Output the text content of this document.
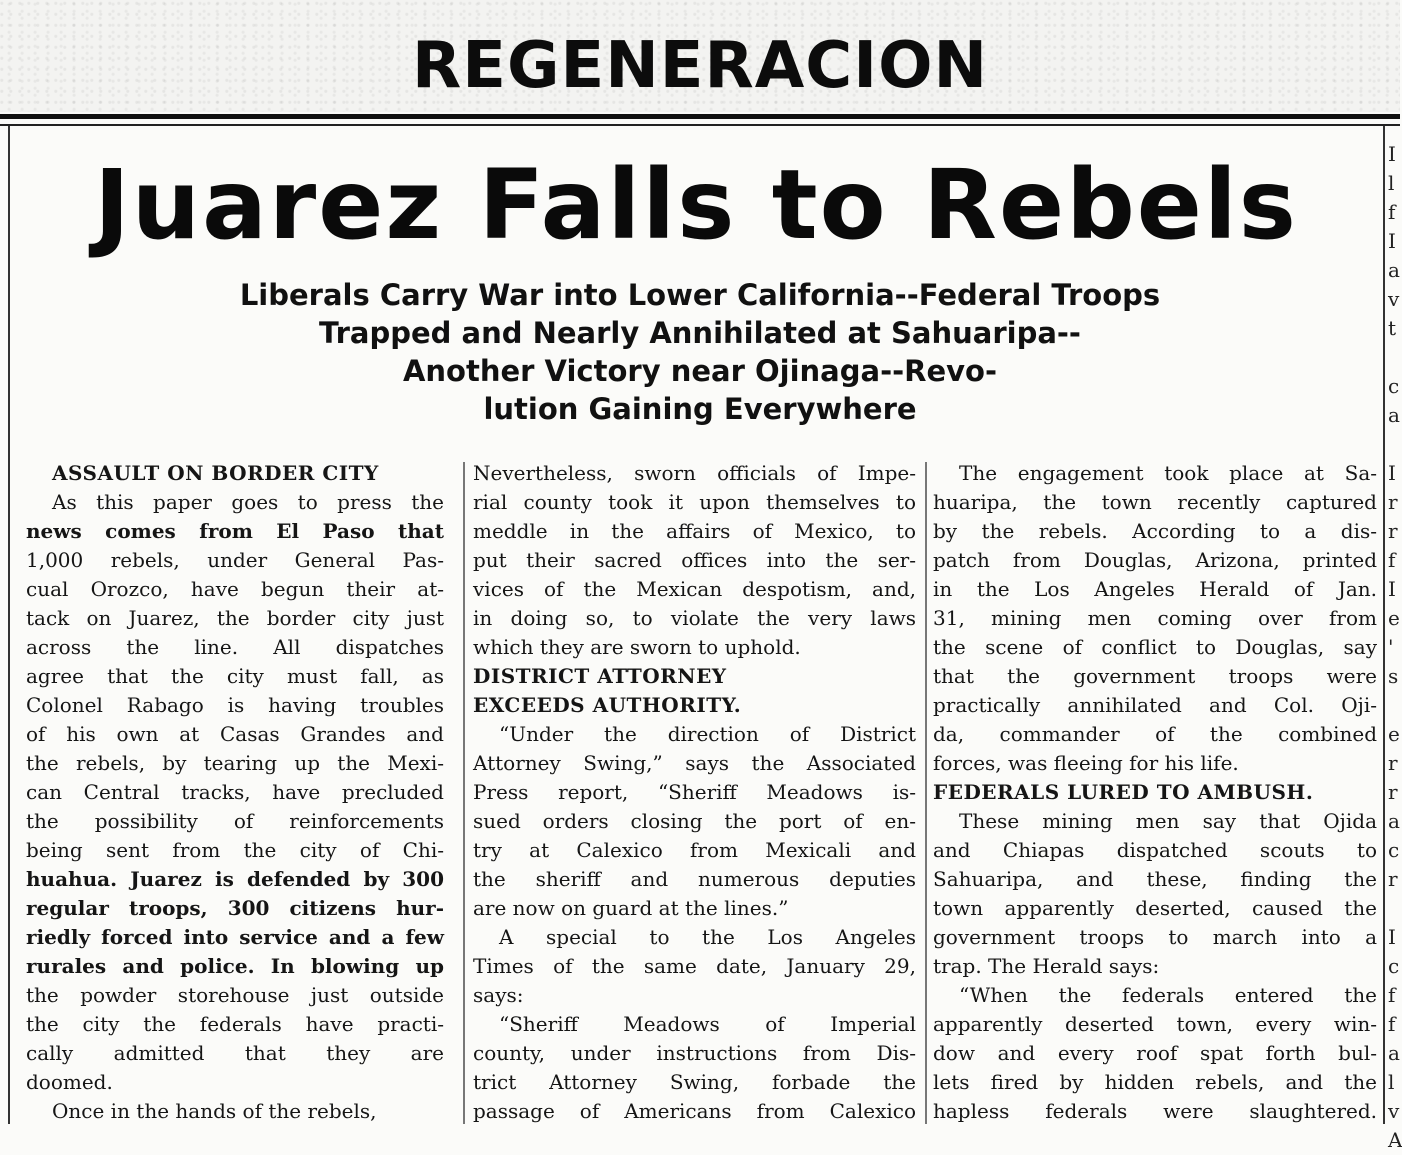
REGENERACION
Juarez Falls to Rebels
Liberals Carry War into Lower California--Federal Troops
Trapped and Nearly Annihilated at Sahuaripa--
Another Victory near Ojinaga--Revo-
lution Gaining Everywhere
ASSAULT ON BORDER CITY
As this paper goes to press the
news comes from El Paso that
1,000 rebels, under General Pas-
cual Orozco, have begun their at-
tack on Juarez, the border city just
across the line. All dispatches
agree that the city must fall, as
Colonel Rabago is having troubles
of his own at Casas Grandes and
the rebels, by tearing up the Mexi-
can Central tracks, have precluded
the possibility of reinforcements
being sent from the city of Chi-
huahua. Juarez is defended by 300
regular troops, 300 citizens hur-
riedly forced into service and a few
rurales and police. In blowing up
the powder storehouse just outside
the city the federals have practi-
cally admitted that they are
doomed.
Once in the hands of the rebels,
Nevertheless, sworn officials of Impe-
rial county took it upon themselves to
meddle in the affairs of Mexico, to
put their sacred offices into the ser-
vices of the Mexican despotism, and,
in doing so, to violate the very laws
which they are sworn to uphold.
DISTRICT ATTORNEY
EXCEEDS AUTHORITY.
“Under the direction of District
Attorney Swing,” says the Associated
Press report, “Sheriff Meadows is-
sued orders closing the port of en-
try at Calexico from Mexicali and
the sheriff and numerous deputies
are now on guard at the lines.”
A special to the Los Angeles
Times of the same date, January 29,
says:
“Sheriff Meadows of Imperial
county, under instructions from Dis-
trict Attorney Swing, forbade the
passage of Americans from Calexico
The engagement took place at Sa-
huaripa, the town recently captured
by the rebels. According to a dis-
patch from Douglas, Arizona, printed
in the Los Angeles Herald of Jan.
31, mining men coming over from
the scene of conflict to Douglas, say
that the government troops were
practically annihilated and Col. Oji-
da, commander of the combined
forces, was fleeing for his life.
FEDERALS LURED TO AMBUSH.
These mining men say that Ojida
and Chiapas dispatched scouts to
Sahuaripa, and these, finding the
town apparently deserted, caused the
government troops to march into a
trap. The Herald says:
“When the federals entered the
apparently deserted town, every win-
dow and every roof spat forth bul-
lets fired by hidden rebels, and the
hapless federals were slaughtered.
I
l
f
I
a
v
t

c
a

I
r
r
f
I
e
'
s

e
r
r
a
c
r

I
c
f
f
a
l
v
A
